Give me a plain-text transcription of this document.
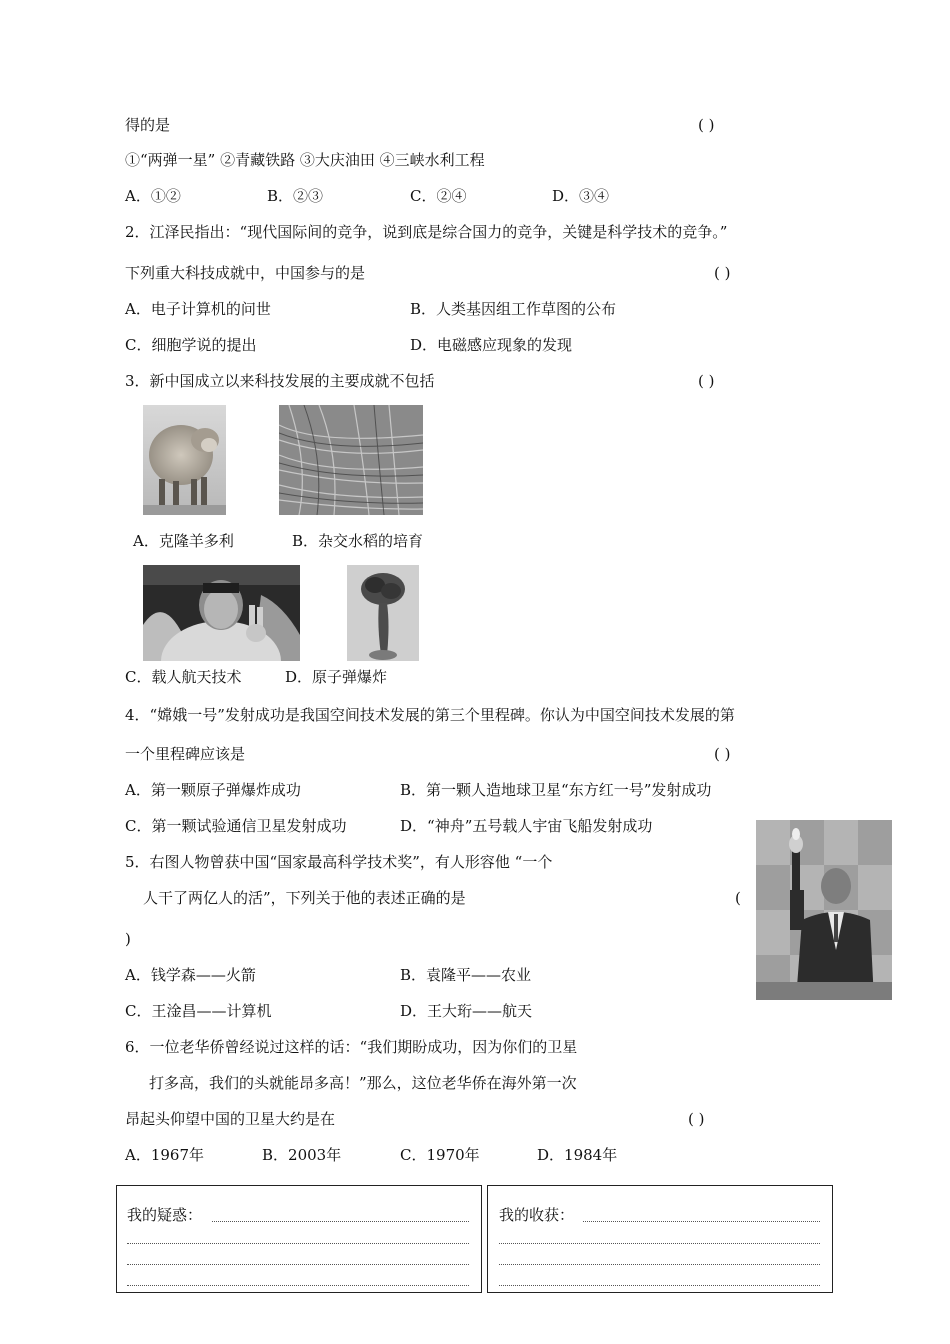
得的是	( )
①“两弹一星” ②青藏铁路 ③大庆油田 ④三峡水利工程
A．①②	B．②③	C．②④	D．③④
2．江泽民指出：“现代国际间的竞争，说到底是综合国力的竞争，关键是科学技术的竞争。”
下列重大科技成就中，中国参与的是	( )
A．电子计算机的问世	B．人类基因组工作草图的公布
C．细胞学说的提出	D．电磁感应现象的发现
3．新中国成立以来科技发展的主要成就不包括	( )
A．克隆羊多利	B．杂交水稻的培育
C．载人航天技术	D．原子弹爆炸
4．“嫦娥一号”发射成功是我国空间技术发展的第三个里程碑。你认为中国空间技术发展的第
一个里程碑应该是	( )
A．第一颗原子弹爆炸成功	B．第一颗人造地球卫星“东方红一号”发射成功
C．第一颗试验通信卫星发射成功	D．“神舟”五号载人宇宙飞船发射成功
5．右图人物曾获中国“国家最高科学技术奖”，有人形容他 “一个
人干了两亿人的活”，下列关于他的表述正确的是	(
)
A．钱学森——火箭	B．袁隆平——农业
C．王淦昌——计算机	D．王大珩——航天
6．一位老华侨曾经说过这样的话：“我们期盼成功，因为你们的卫星
打多高，我们的头就能昂多高！”那么，这位老华侨在海外第一次
昂起头仰望中国的卫星大约是在	( )
A．1967年	B．2003年	C．1970年	D．1984年
我的疑惑：	我的收获：
